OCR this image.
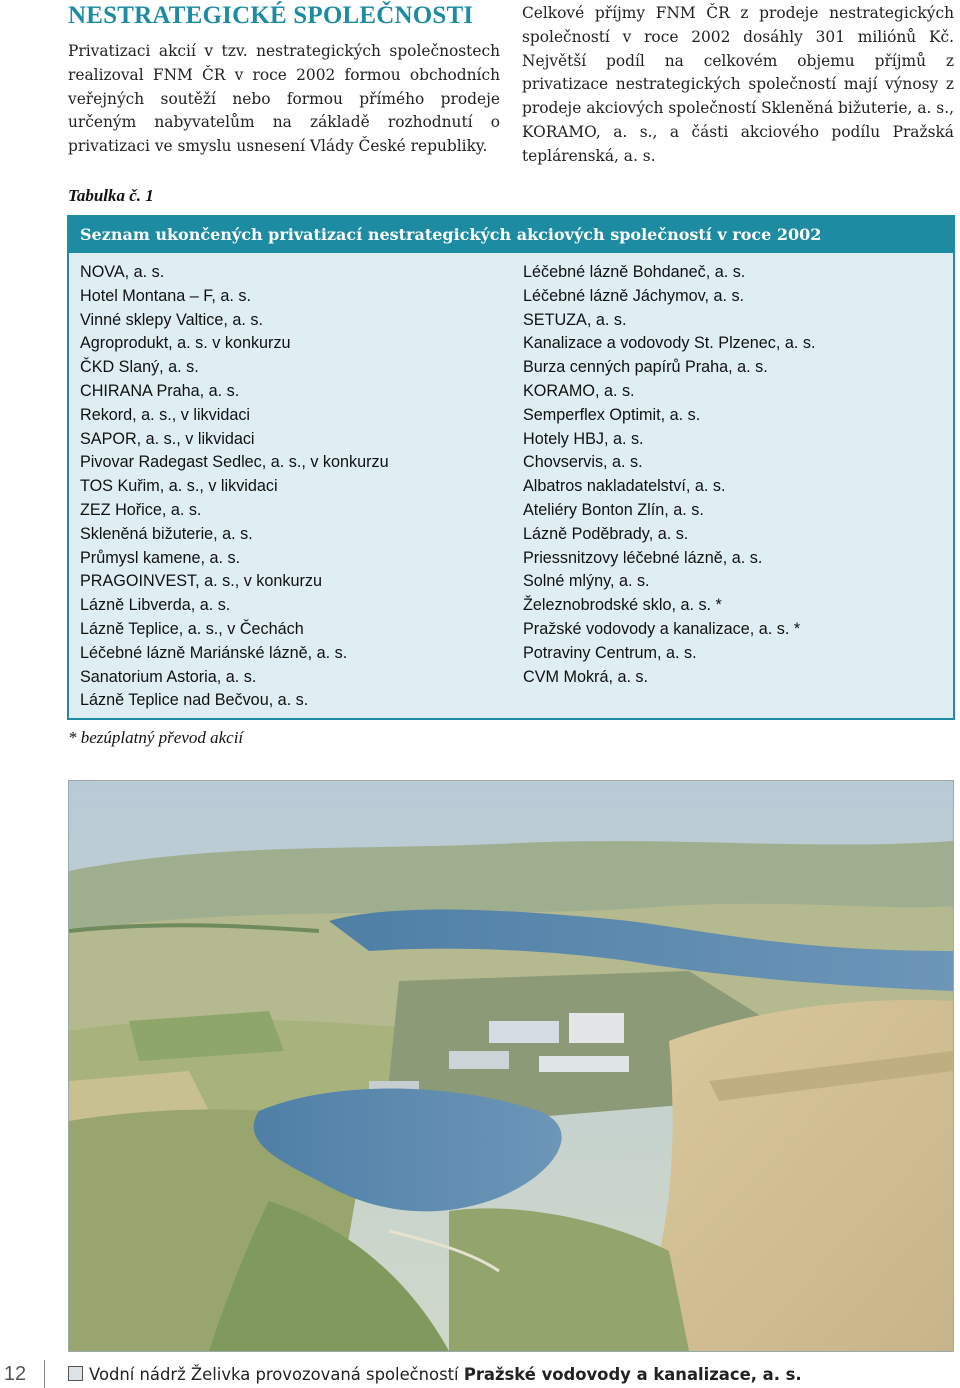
NESTRATEGICKÉ SPOLEČNOSTI

Privatizaci akcií v tzv. nestrategických společnostech realizoval FNM ČR v roce 2002 formou obchodních veřejných soutěží nebo formou přímého prodeje určeným nabyvatelům na základě rozhodnutí o privatizaci ve smyslu usnesení Vlády České republiky.

Celkové příjmy FNM ČR z prodeje nestrategických společností v roce 2002 dosáhly 301 miliónů Kč. Největší podíl na celkovém objemu příjmů z privatizace nestrategických společností mají výnosy z prodeje akciových společností Skleněná bižuterie, a. s., KORAMO, a. s., a části akciového podílu Pražská teplárenská, a. s.

Tabulka č. 1
Seznam ukončených privatizací nestrategických akciových společností v roce 2002
NOVA, a. s.
Hotel Montana – F, a. s.
Vinné sklepy Valtice, a. s.
Agroprodukt, a. s. v konkurzu
ČKD Slaný, a. s.
CHIRANA Praha, a. s.
Rekord, a. s., v likvidaci
SAPOR, a. s., v likvidaci
Pivovar Radegast Sedlec, a. s., v konkurzu
TOS Kuřim, a. s., v likvidaci
ZEZ Hořice, a. s.
Skleněná bižuterie, a. s.
Průmysl kamene, a. s.
PRAGOINVEST, a. s., v konkurzu
Lázně Libverda, a. s.
Lázně Teplice, a. s., v Čechách
Léčebné lázně Mariánské lázně, a. s.
Sanatorium Astoria, a. s.
Lázně Teplice nad Bečvou, a. s.
Léčebné lázně Bohdaneč, a. s.
Léčebné lázně Jáchymov, a. s.
SETUZA, a. s.
Kanalizace a vodovody St. Plzenec, a. s.
Burza cenných papírů Praha, a. s.
KORAMO, a. s.
Semperflex Optimit, a. s.
Hotely HBJ, a. s.
Chovservis, a. s.
Albatros nakladatelství, a. s.
Ateliéry Bonton Zlín, a. s.
Lázně Poděbrady, a. s.
Priessnitzovy léčebné lázně, a. s.
Solné mlýny, a. s.
Železnobrodské sklo, a. s. *
Pražské vodovody a kanalizace, a. s. *
Potraviny Centrum, a. s.
CVM Mokrá, a. s.
* bezúplatný převod akcií
12	Vodní nádrž Želivka provozovaná společností Pražské vodovody a kanalizace, a. s.
